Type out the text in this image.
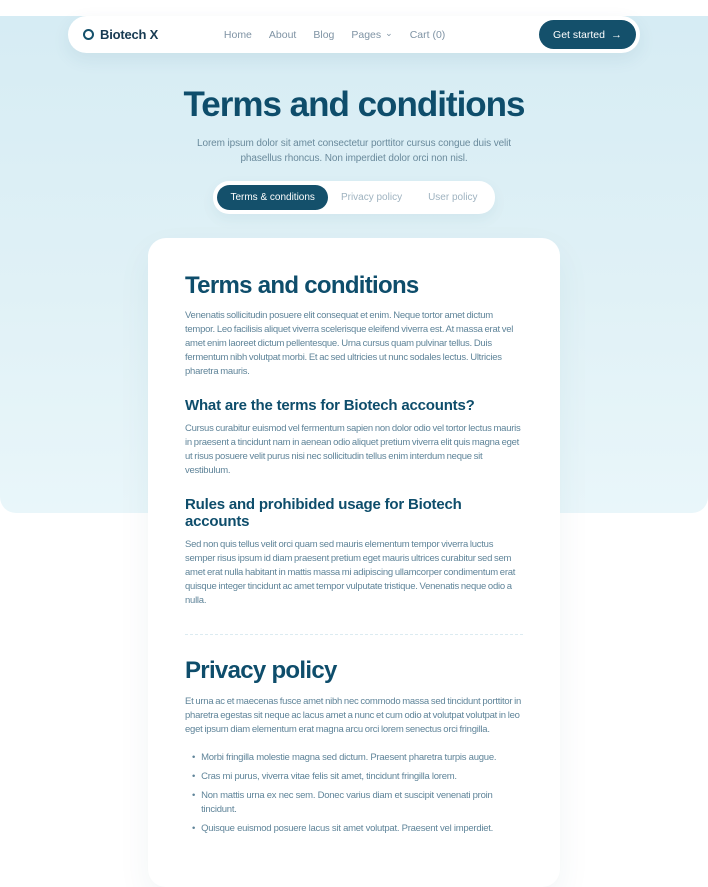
Biotech X	Home About Blog Pages ⌄ Cart (0)	Get started →
Terms and conditions

Lorem ipsum dolor sit amet consectetur porttitor cursus congue duis velit phasellus rhoncus. Non imperdiet dolor orci non nisl.

Terms & conditions	Privacy policy	User policy
Terms and conditions

Venenatis sollicitudin posuere elit consequat et enim. Neque tortor amet dictum tempor. Leo facilisis aliquet viverra scelerisque eleifend viverra est. At massa erat vel amet enim laoreet dictum pellentesque. Urna cursus quam pulvinar tellus. Duis fermentum nibh volutpat morbi. Et ac sed ultricies ut nunc sodales lectus. Ultricies pharetra mauris.

What are the terms for Biotech accounts?

Cursus curabitur euismod vel fermentum sapien non dolor odio vel tortor lectus mauris in praesent a tincidunt nam in aenean odio aliquet pretium viverra elit quis magna eget ut risus posuere velit purus nisi nec sollicitudin tellus enim interdum neque sit vestibulum.

Rules and prohibided usage for Biotech accounts

Sed non quis tellus velit orci quam sed mauris elementum tempor viverra luctus semper risus ipsum id diam praesent pretium eget mauris ultrices curabitur sed sem amet erat nulla habitant in mattis massa mi adipiscing ullamcorper condimentum erat quisque integer tincidunt ac amet tempor vulputate tristique. Venenatis neque odio a nulla.

Privacy policy

Et urna ac et maecenas fusce amet nibh nec commodo massa sed tincidunt porttitor in pharetra egestas sit neque ac lacus amet a nunc et cum odio at volutpat volutpat in leo eget ipsum diam elementum erat magna arcu orci lorem senectus orci fringilla.

• Morbi fringilla molestie magna sed dictum. Praesent pharetra turpis augue.
• Cras mi purus, viverra vitae felis sit amet, tincidunt fringilla lorem.
• Non mattis urna ex nec sem. Donec varius diam et suscipit venenati proin tincidunt.
• Quisque euismod posuere lacus sit amet volutpat. Praesent vel imperdiet.
